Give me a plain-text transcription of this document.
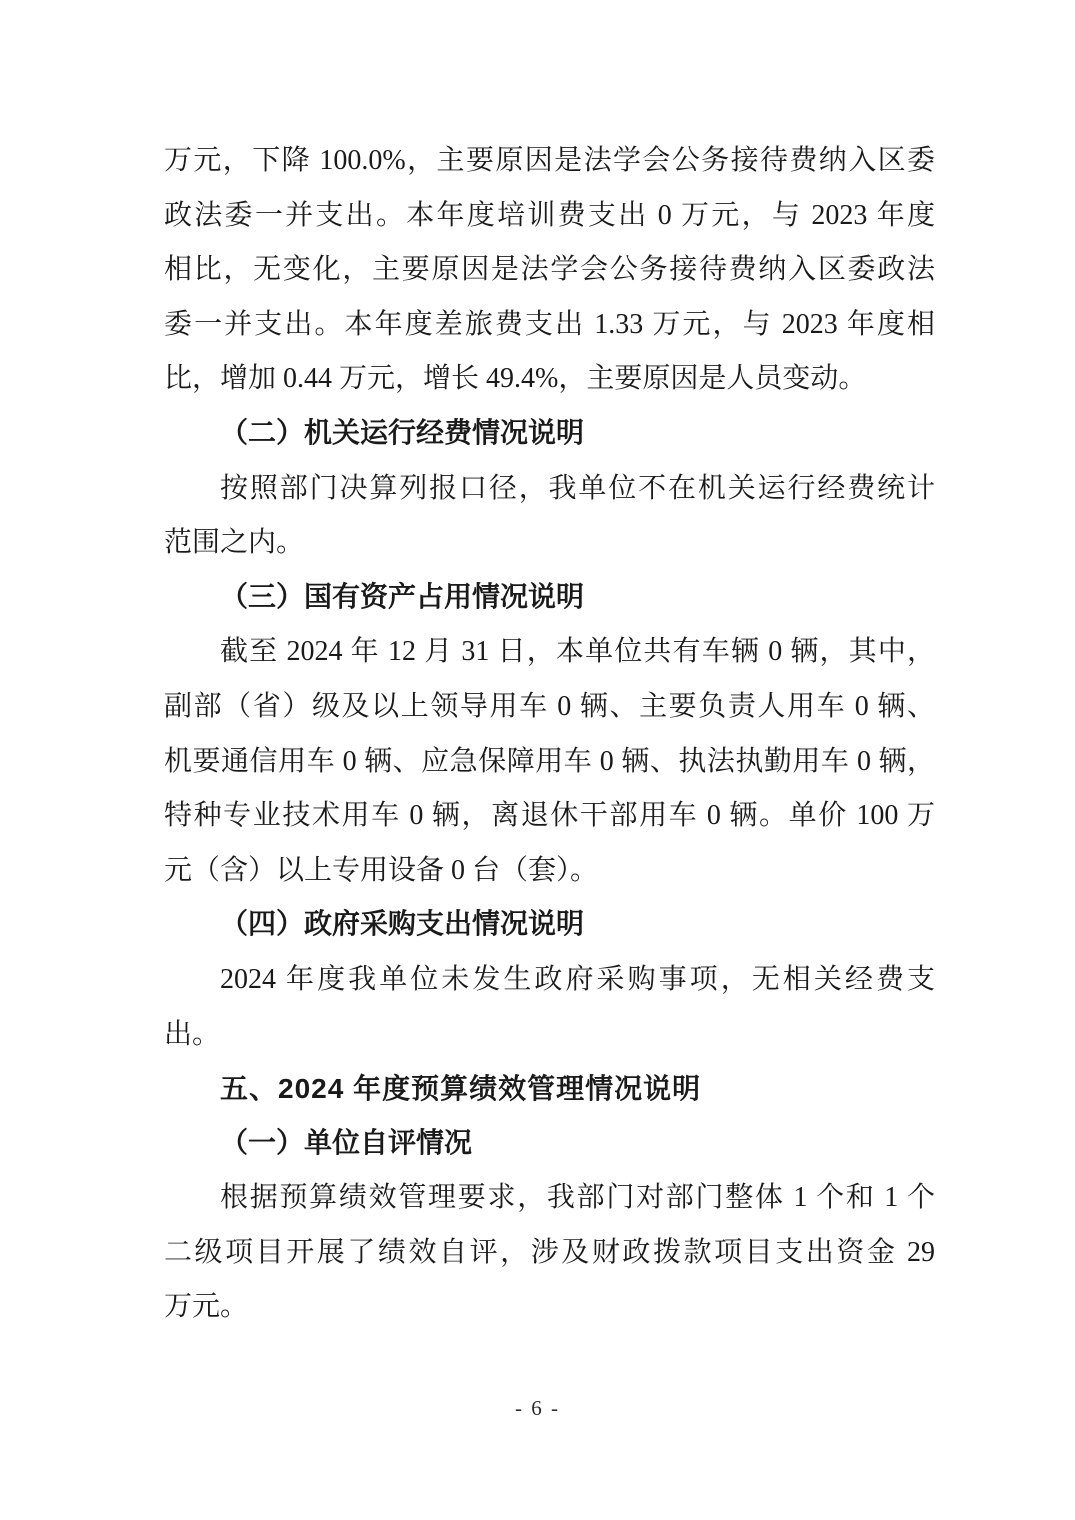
万元，下降 100.0%，主要原因是法学会公务接待费纳入区委
政法委一并支出。本年度培训费支出 0 万元，与 2023 年度
相比，无变化，主要原因是法学会公务接待费纳入区委政法
委一并支出。本年度差旅费支出 1.33 万元，与 2023 年度相
比，增加 0.44 万元，增长 49.4%，主要原因是人员变动。
（二）机关运行经费情况说明
按照部门决算列报口径，我单位不在机关运行经费统计
范围之内。
（三）国有资产占用情况说明
截至 2024 年 12 月 31 日，本单位共有车辆 0 辆，其中，
副部（省）级及以上领导用车 0 辆、主要负责人用车 0 辆、
机要通信用车 0 辆、应急保障用车 0 辆、执法执勤用车 0 辆，
特种专业技术用车 0 辆，离退休干部用车 0 辆。单价 100 万
元（含）以上专用设备 0 台（套）。
（四）政府采购支出情况说明
2024 年度我单位未发生政府采购事项，无相关经费支
出。
五、2024 年度预算绩效管理情况说明
（一）单位自评情况
根据预算绩效管理要求，我部门对部门整体 1 个和 1 个
二级项目开展了绩效自评，涉及财政拨款项目支出资金 29
万元。
- 6 -
